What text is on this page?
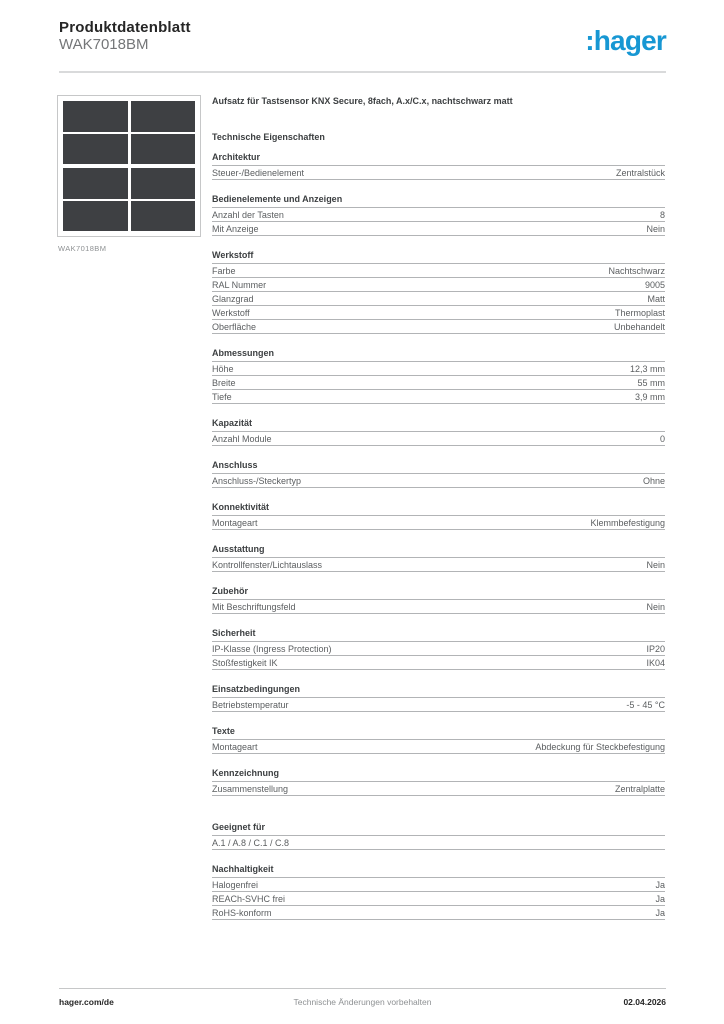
Produktdatenblatt
WAK7018BM	:hager
WAK7018BM
Aufsatz für Tastsensor KNX Secure, 8fach, A.x/C.x, nachtschwarz matt
Technische Eigenschaften
Architektur
Steuer-/Bedienelement	Zentralstück
Bedienelemente und Anzeigen
Anzahl der Tasten	8
Mit Anzeige	Nein
Werkstoff
Farbe	Nachtschwarz
RAL Nummer	9005
Glanzgrad	Matt
Werkstoff	Thermoplast
Oberfläche	Unbehandelt
Abmessungen
Höhe	12,3 mm
Breite	55 mm
Tiefe	3,9 mm
Kapazität
Anzahl Module	0
Anschluss
Anschluss-/Steckertyp	Ohne
Konnektivität
Montageart	Klemmbefestigung
Ausstattung
Kontrollfenster/Lichtauslass	Nein
Zubehör
Mit Beschriftungsfeld	Nein
Sicherheit
IP-Klasse (Ingress Protection)	IP20
Stoßfestigkeit IK	IK04
Einsatzbedingungen
Betriebstemperatur	-5 - 45 °C
Texte
Montageart	Abdeckung für Steckbefestigung
Kennzeichnung
Zusammenstellung	Zentralplatte
Geeignet für
A.1 / A.8 / C.1 / C.8
Nachhaltigkeit
Halogenfrei	Ja
REACh-SVHC frei	Ja
RoHS-konform	Ja
hager.com/de	Technische Änderungen vorbehalten	02.04.2026
